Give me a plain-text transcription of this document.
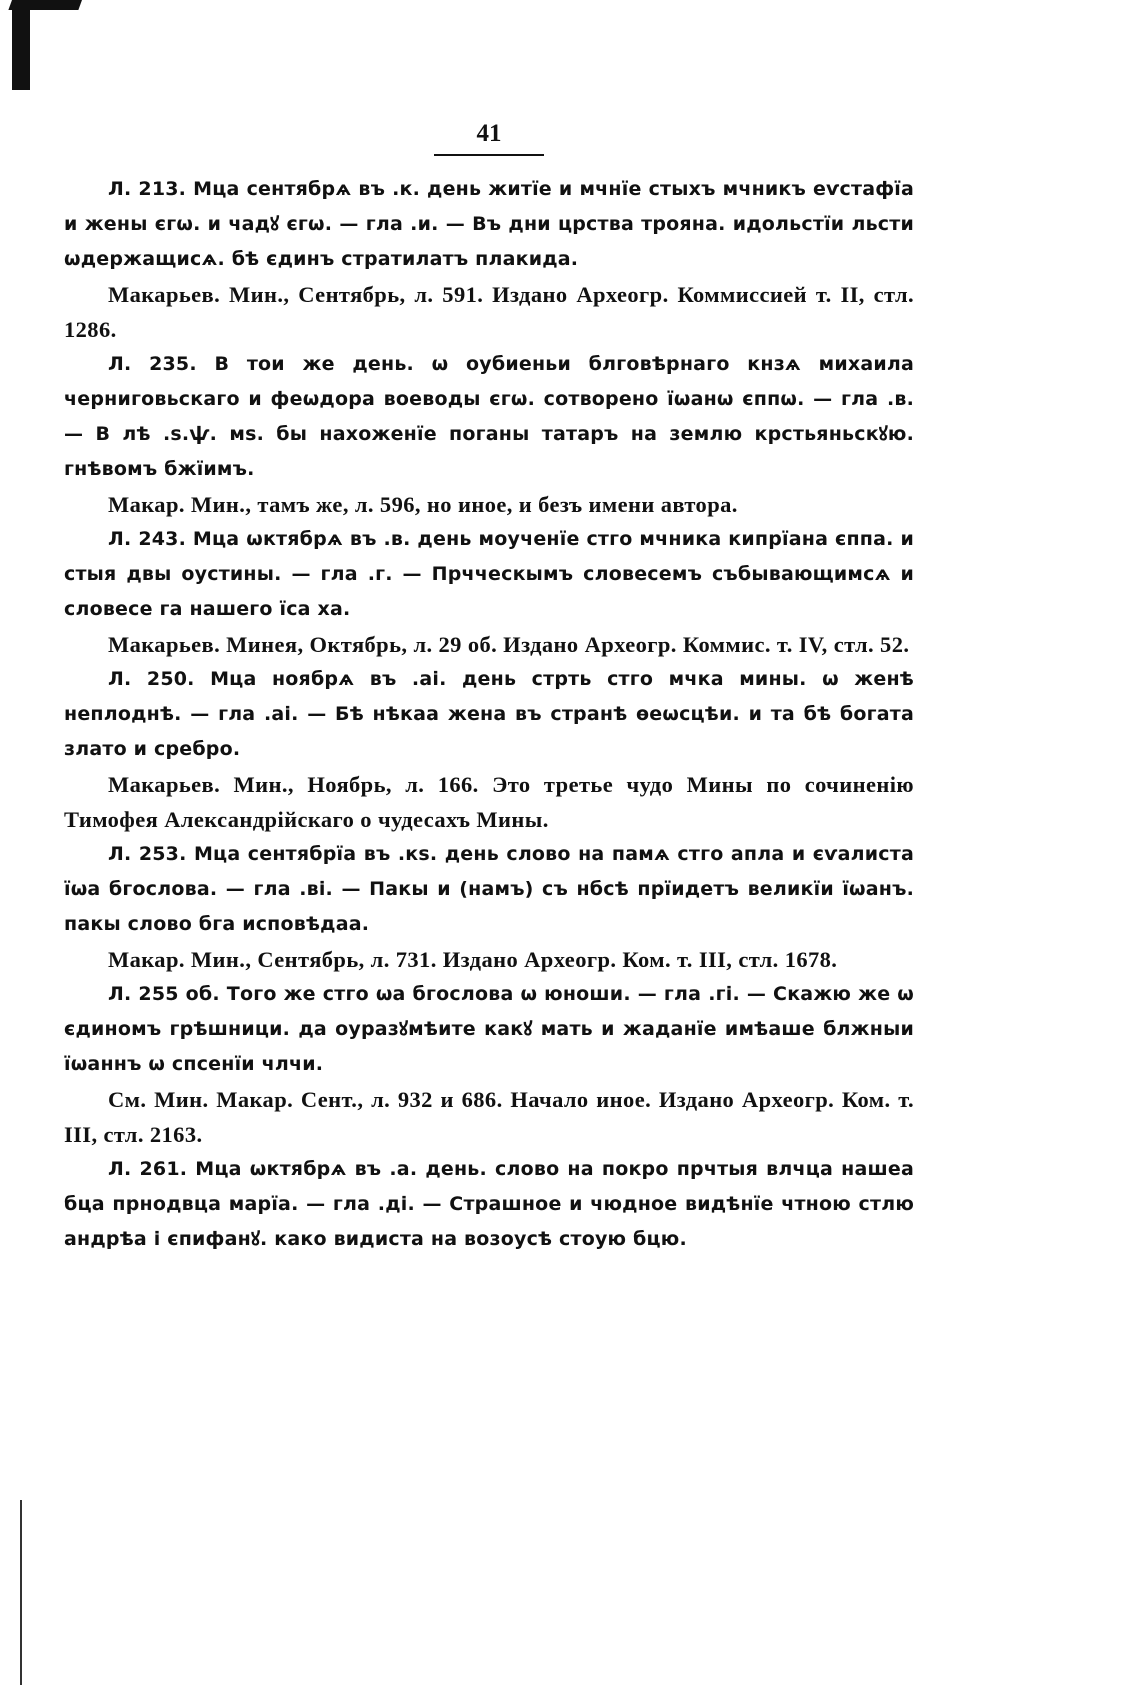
41

Л. 213. Мца сентябрѧ въ .к. день житїе и мчнїе стыхъ мчникъ еѵстафїа и жены єгѡ. и чадꙋ єгѡ. — гла .и. — Въ дни црства трояна. идольстїи льсти ѡдержащисѧ. бѣ єдинъ стратилатъ плакида.

Макарьев. Мин., Сентябрь, л. 591. Издано Археогр. Коммиссией т. II, стл. 1286.

Л. 235. В тои же день. ѡ оубиеньи блговѣрнаго кнзѧ михаила черниговьскаго и феѡдора воеводы єгѡ. сотворено їѡанѡ єппѡ. — гла .в. — В лѣ .ѕ.ѱ. мѕ. бы нахоженїе поганы татаръ на землю крстьяньскꙋю. гнѣвомъ бжїимъ.

Макар. Мин., тамъ же, л. 596, но иное, и безъ имени автора.

Л. 243. Мца ѡктябрѧ въ .в. день моученїе стго мчника кипрїана єппа. и стыя двы оустины. — гла .г. — Прчческымъ словесемъ събывающимсѧ и словесе га нашего їса ха.

Макарьев. Минея, Октябрь, л. 29 об. Издано Археогр. Коммис. т. IV, стл. 52.

Л. 250. Мца ноябрѧ въ .аі. день стрть стго мчка мины. ѡ женѣ неплоднѣ. — гла .аі. — Бѣ нѣкаа жена въ странѣ ѳеѡсцѣи. и та бѣ богата злато и сребро.

Макарьев. Мин., Ноябрь, л. 166. Это третье чудо Мины по сочиненію Тимофея Александрійскаго о чудесахъ Мины.

Л. 253. Мца сентябрїа въ .кѕ. день слово на памѧ стго апла и єѵалиста їѡа бгослова. — гла .ві. — Пакы и (намъ) съ нбсѣ прїидетъ великїи їѡанъ. пакы слово бга исповѣдаа.

Макар. Мин., Сентябрь, л. 731. Издано Археогр. Ком. т. III, стл. 1678.

Л. 255 об. Того же стго ѡа бгослова ѡ юноши. — гла .гі. — Скажю же ѡ єдиномъ грѣшници. да оуразꙋмѣите какꙋ мать и жаданїе имѣаше блжныи їѡаннъ ѡ спсенїи члчи.

См. Мин. Макар. Сент., л. 932 и 686. Начало иное. Издано Археогр. Ком. т. III, стл. 2163.

Л. 261. Мца ѡктябрѧ въ .а. день. слово на покро прчтыя влчца нашеа бца прнодвца марїа. — гла .ді. — Страшное и чюдное видѣнїе чтною стлю андрѣа і єпифанꙋ. како видиста на возоусѣ стоую бцю.
